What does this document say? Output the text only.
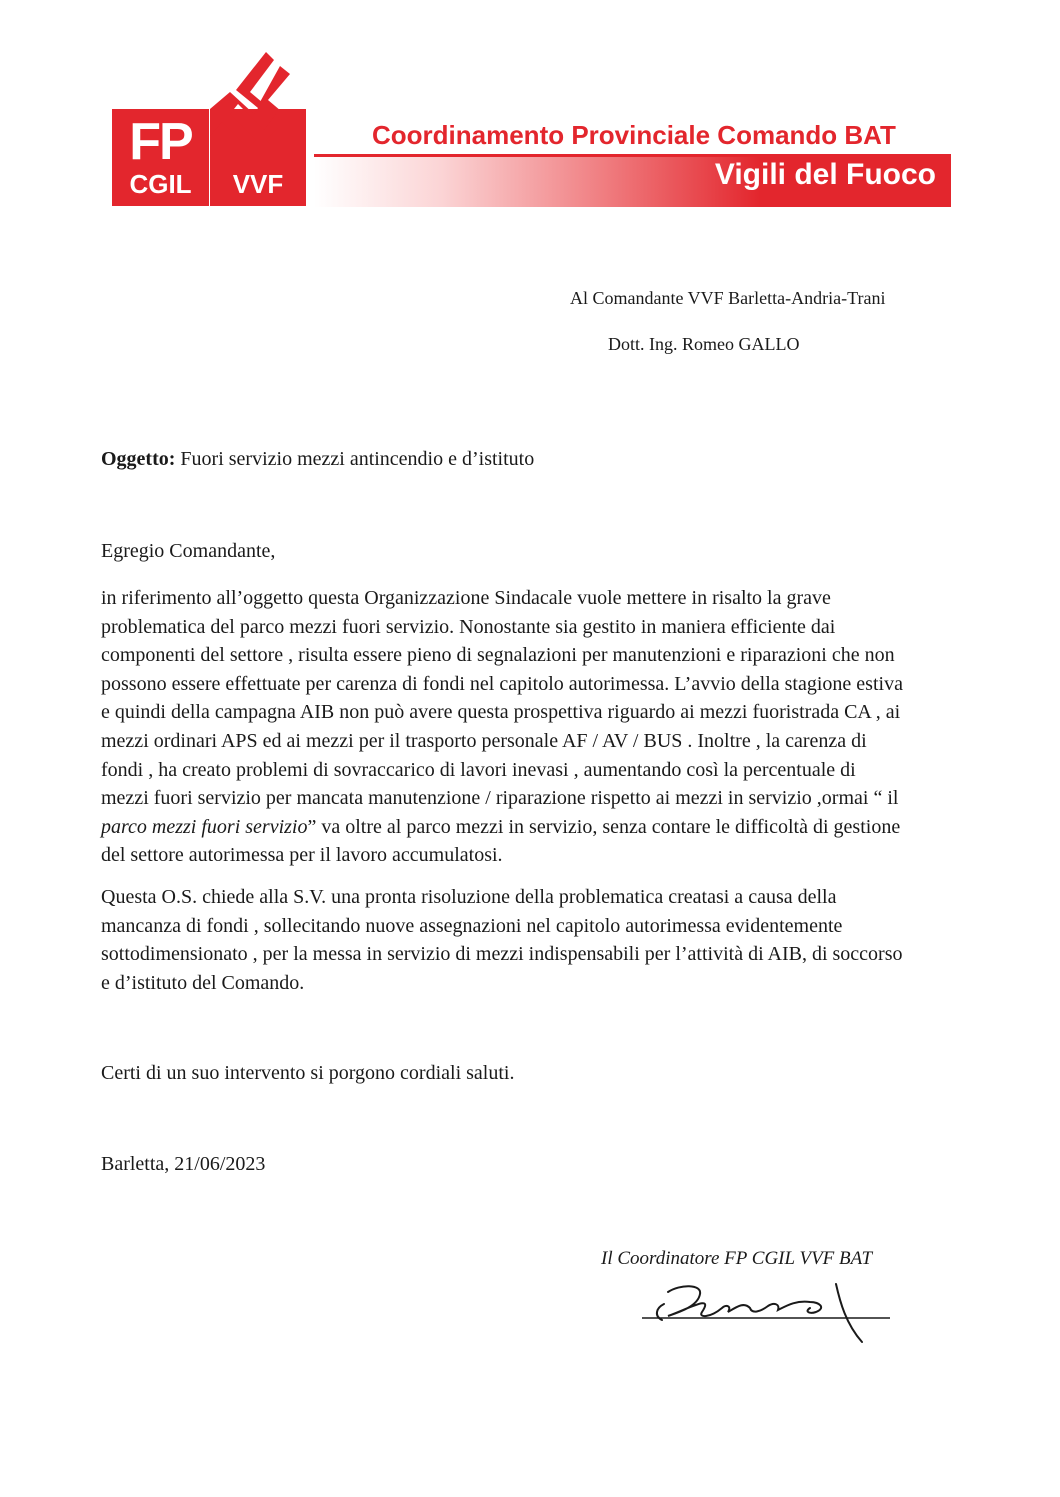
FP
CGIL	VVF
Coordinamento Provinciale Comando BAT
Vigili del Fuoco
Al Comandante VVF Barletta-Andria-Trani
Dott. Ing. Romeo GALLO
Oggetto: Fuori servizio mezzi antincendio e d’istituto
Egregio Comandante,
in riferimento all’oggetto questa Organizzazione Sindacale vuole mettere in risalto la grave
problematica del parco mezzi fuori servizio. Nonostante sia gestito in maniera efficiente dai
componenti del settore , risulta essere pieno di segnalazioni per manutenzioni e riparazioni che non
possono essere effettuate per carenza di fondi nel capitolo autorimessa. L’avvio della stagione estiva
e quindi della campagna AIB non può avere questa prospettiva riguardo ai mezzi fuoristrada CA , ai
mezzi ordinari APS ed ai mezzi per il trasporto personale AF / AV / BUS . Inoltre , la carenza di
fondi , ha creato problemi di sovraccarico di lavori inevasi , aumentando così la percentuale di
mezzi fuori servizio per mancata manutenzione / riparazione rispetto ai mezzi in servizio ,ormai “ il
parco mezzi fuori servizio” va oltre al parco mezzi in servizio, senza contare le difficoltà di gestione
del settore autorimessa per il lavoro accumulatosi.
Questa O.S. chiede alla S.V. una pronta risoluzione della problematica creatasi a causa della
mancanza di fondi , sollecitando nuove assegnazioni nel capitolo autorimessa evidentemente
sottodimensionato , per la messa in servizio di mezzi indispensabili per l’attività di AIB, di soccorso
e d’istituto del Comando.
Certi di un suo intervento si porgono cordiali saluti.
Barletta, 21/06/2023
Il Coordinatore FP CGIL VVF BAT
